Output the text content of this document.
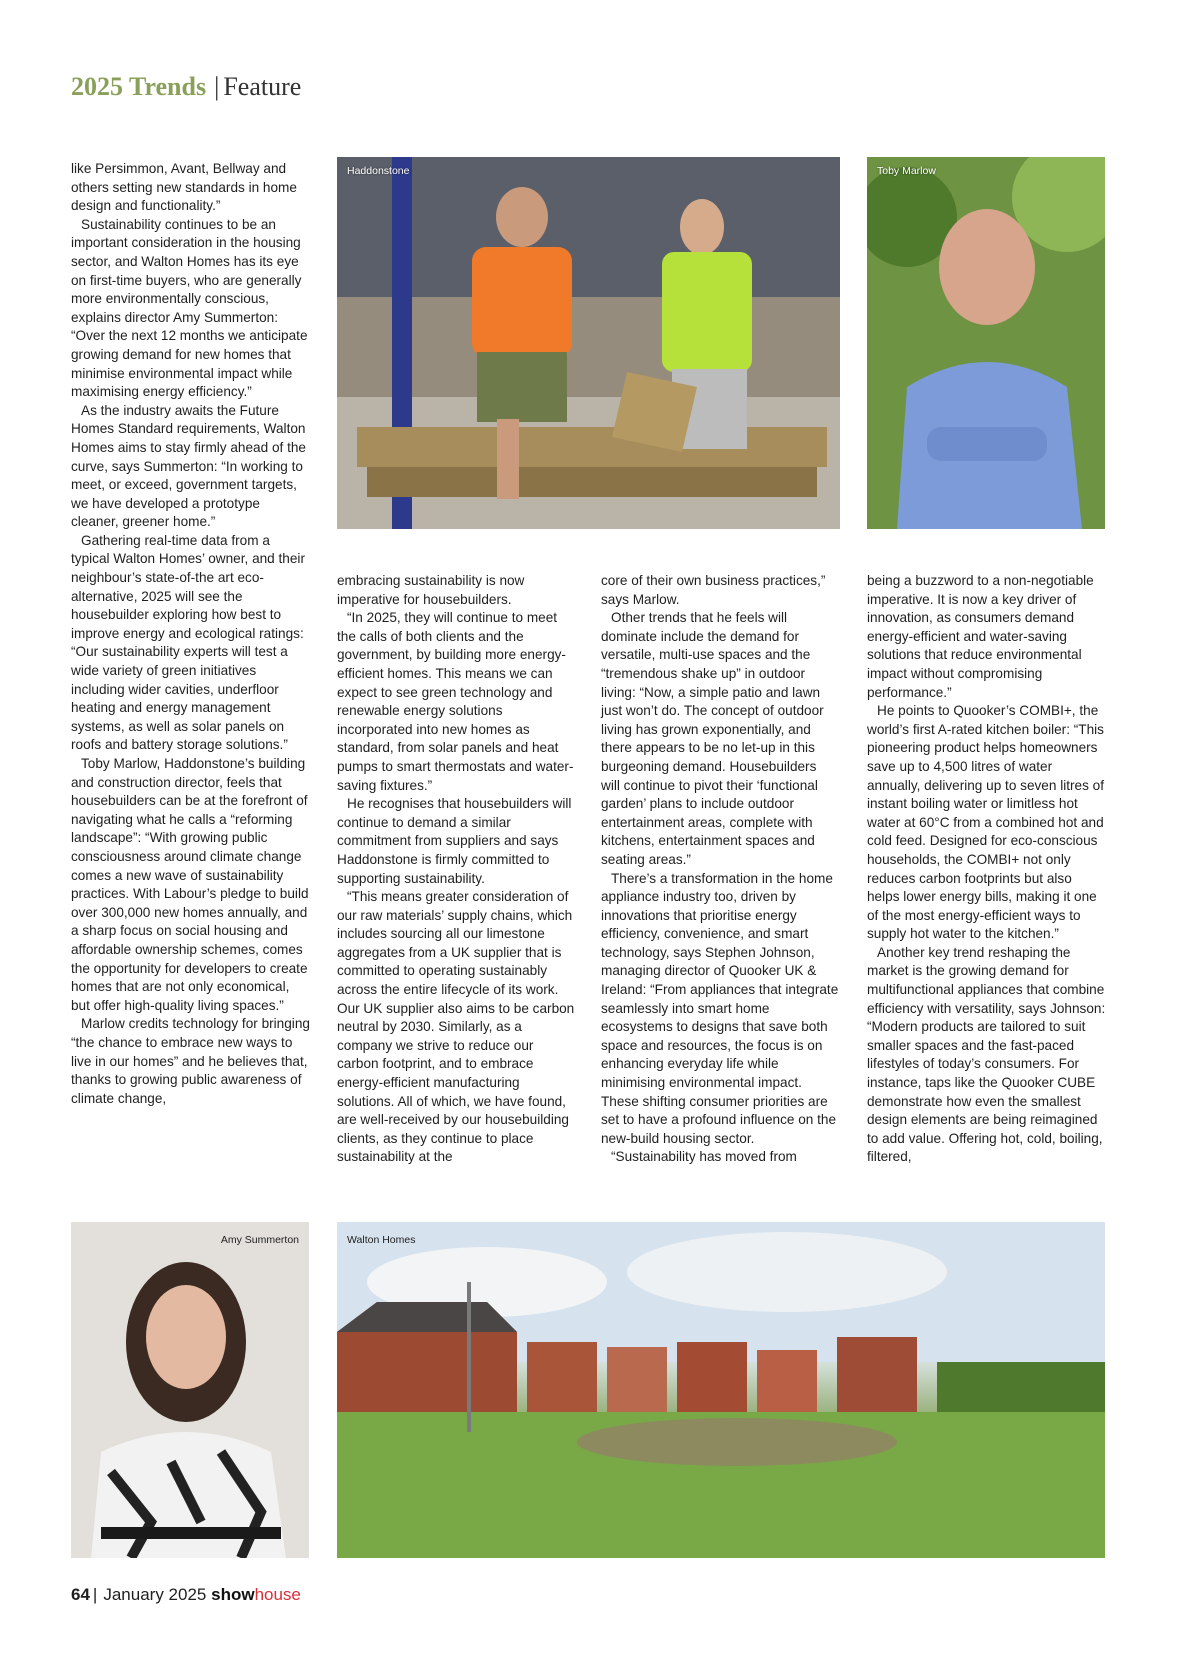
2025 Trends | Feature

like Persimmon, Avant, Bellway and others setting new standards in home design and functionality.”

Sustainability continues to be an important consideration in the housing sector, and Walton Homes has its eye on first-time buyers, who are generally more environmentally conscious, explains director Amy Summerton: “Over the next 12 months we anticipate growing demand for new homes that minimise environmental impact while maximising energy efficiency.”

As the industry awaits the Future Homes Standard requirements, Walton Homes aims to stay firmly ahead of the curve, says Summerton: “In working to meet, or exceed, government targets, we have developed a prototype cleaner, greener home.”

Gathering real-time data from a typical Walton Homes’ owner, and their neighbour’s state-of-the art eco-alternative, 2025 will see the housebuilder exploring how best to improve energy and ecological ratings: “Our sustainability experts will test a wide variety of green initiatives including wider cavities, underfloor heating and energy management systems, as well as solar panels on roofs and battery storage solutions.”

Toby Marlow, Haddonstone’s building and construction director, feels that housebuilders can be at the forefront of navigating what he calls a “reforming landscape”: “With growing public consciousness around climate change comes a new wave of sustainability practices. With Labour’s pledge to build over 300,000 new homes annually, and a sharp focus on social housing and affordable ownership schemes, comes the opportunity for developers to create homes that are not only economical, but offer high-quality living spaces.”

Marlow credits technology for bringing “the chance to embrace new ways to live in our homes” and he believes that, thanks to growing public awareness of climate change,

Haddonstone	Toby Marlow

embracing sustainability is now imperative for housebuilders.

“In 2025, they will continue to meet the calls of both clients and the government, by building more energy-efficient homes. This means we can expect to see green technology and renewable energy solutions incorporated into new homes as standard, from solar panels and heat pumps to smart thermostats and water-saving fixtures.”

He recognises that housebuilders will continue to demand a similar commitment from suppliers and says Haddonstone is firmly committed to supporting sustainability.

“This means greater consideration of our raw materials’ supply chains, which includes sourcing all our limestone aggregates from a UK supplier that is committed to operating sustainably across the entire lifecycle of its work. Our UK supplier also aims to be carbon neutral by 2030. Similarly, as a company we strive to reduce our carbon footprint, and to embrace energy-efficient manufacturing solutions. All of which, we have found, are well-received by our housebuilding clients, as they continue to place sustainability at the

core of their own business practices,” says Marlow.

Other trends that he feels will dominate include the demand for versatile, multi-use spaces and the “tremendous shake up” in outdoor living: “Now, a simple patio and lawn just won’t do. The concept of outdoor living has grown exponentially, and there appears to be no let-up in this burgeoning demand. Housebuilders will continue to pivot their ‘functional garden’ plans to include outdoor entertainment areas, complete with kitchens, entertainment spaces and seating areas.”

There’s a transformation in the home appliance industry too, driven by innovations that prioritise energy efficiency, convenience, and smart technology, says Stephen Johnson, managing director of Quooker UK & Ireland: “From appliances that integrate seamlessly into smart home ecosystems to designs that save both space and resources, the focus is on enhancing everyday life while minimising environmental impact. These shifting consumer priorities are set to have a profound influence on the new-build housing sector.

“Sustainability has moved from

being a buzzword to a non-negotiable imperative. It is now a key driver of innovation, as consumers demand energy-efficient and water-saving solutions that reduce environmental impact without compromising performance.”

He points to Quooker’s COMBI+, the world’s first A-rated kitchen boiler: “This pioneering product helps homeowners save up to 4,500 litres of water annually, delivering up to seven litres of instant boiling water or limitless hot water at 60°C from a combined hot and cold feed. Designed for eco-conscious households, the COMBI+ not only reduces carbon footprints but also helps lower energy bills, making it one of the most energy-efficient ways to supply hot water to the kitchen.”

Another key trend reshaping the market is the growing demand for multifunctional appliances that combine efficiency with versatility, says Johnson: “Modern products are tailored to suit smaller spaces and the fast-paced lifestyles of today’s consumers. For instance, taps like the Quooker CUBE demonstrate how even the smallest design elements are being reimagined to add value. Offering hot, cold, boiling, filtered,

Amy Summerton	Walton Homes
64 | January 2025 showhouse
